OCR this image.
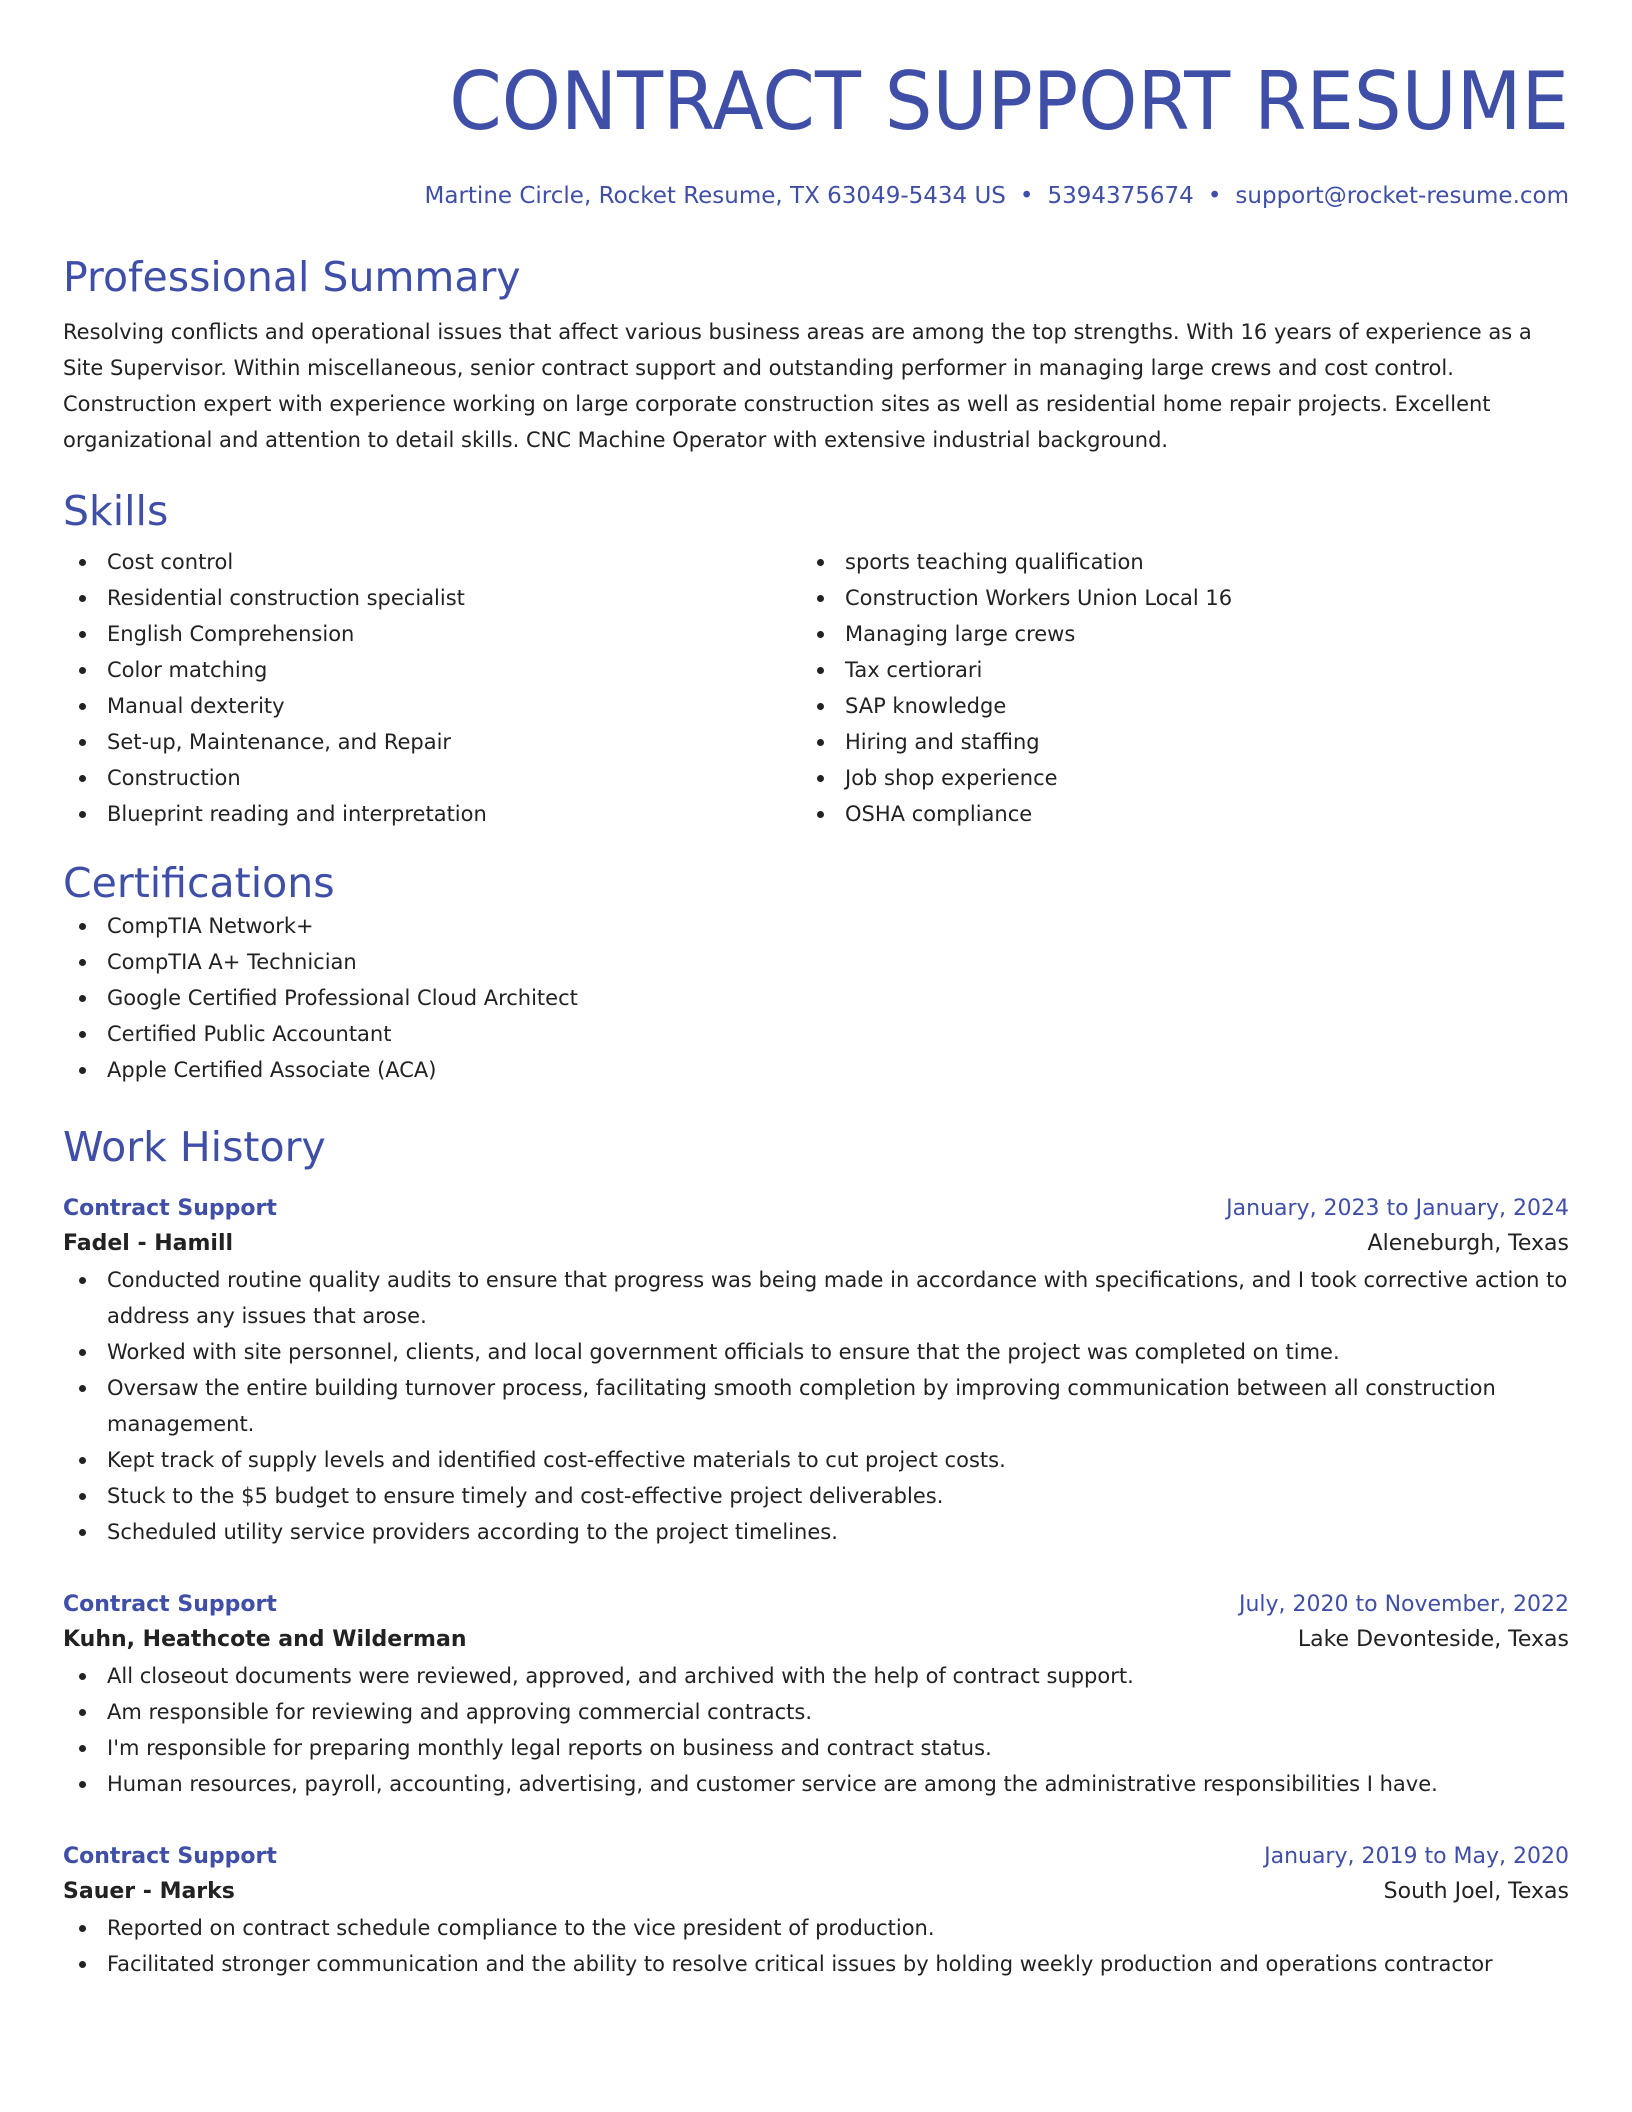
CONTRACT SUPPORT RESUME
Martine Circle, Rocket Resume, TX 63049-5434 US • 5394375674 • support@rocket-resume.com
Professional Summary

Resolving conflicts and operational issues that affect various business areas are among the top strengths. With 16 years of experience as a Site Supervisor. Within miscellaneous, senior contract support and outstanding performer in managing large crews and cost control. Construction expert with experience working on large corporate construction sites as well as residential home repair projects. Excellent organizational and attention to detail skills. CNC Machine Operator with extensive industrial background.

Skills
Cost control
Residential construction specialist
English Comprehension
Color matching
Manual dexterity
Set-up, Maintenance, and Repair
Construction
Blueprint reading and interpretation
sports teaching qualification
Construction Workers Union Local 16
Managing large crews
Tax certiorari
SAP knowledge
Hiring and staffing
Job shop experience
OSHA compliance
Certifications
CompTIA Network+
CompTIA A+ Technician
Google Certified Professional Cloud Architect
Certified Public Accountant
Apple Certified Associate (ACA)
Work History
Contract Support	January, 2023 to January, 2024
Fadel - Hamill	Aleneburgh, Texas
Conducted routine quality audits to ensure that progress was being made in accordance with specifications, and I took corrective action to address any issues that arose.
Worked with site personnel, clients, and local government officials to ensure that the project was completed on time.
Oversaw the entire building turnover process, facilitating smooth completion by improving communication between all construction management.
Kept track of supply levels and identified cost-effective materials to cut project costs.
Stuck to the $5 budget to ensure timely and cost-effective project deliverables.
Scheduled utility service providers according to the project timelines.
Contract Support	July, 2020 to November, 2022
Kuhn, Heathcote and Wilderman	Lake Devonteside, Texas
All closeout documents were reviewed, approved, and archived with the help of contract support.
Am responsible for reviewing and approving commercial contracts.
I'm responsible for preparing monthly legal reports on business and contract status.
Human resources, payroll, accounting, advertising, and customer service are among the administrative responsibilities I have.
Contract Support	January, 2019 to May, 2020
Sauer - Marks	South Joel, Texas
Reported on contract schedule compliance to the vice president of production.
Facilitated stronger communication and the ability to resolve critical issues by holding weekly production and operations contractor
